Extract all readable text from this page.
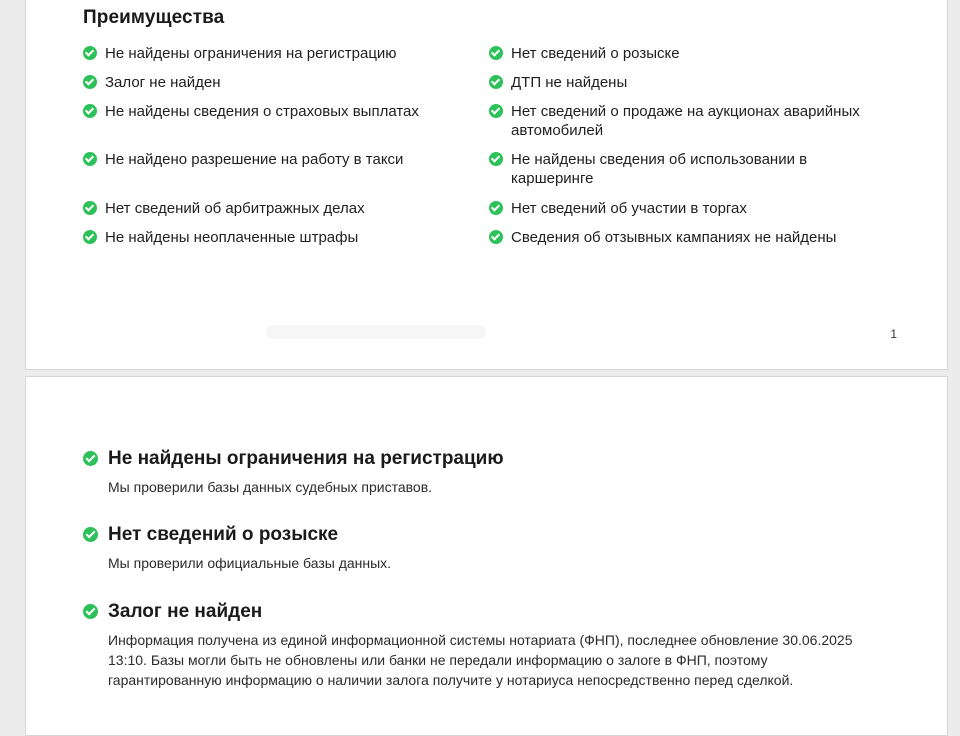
Преимущества
Не найдены ограничения на регистрацию	Нет сведений о розыске
Залог не найден	ДТП не найдены
Не найдены сведения о страховых выплатах	Нет сведений о продаже на аукционах аварийных автомобилей
Не найдено разрешение на работу в такси	Не найдены сведения об использовании в каршеринге
Нет сведений об арбитражных делах	Нет сведений об участии в торгах
Не найдены неоплаченные штрафы	Сведения об отзывных кампаниях не найдены
1
Не найдены ограничения на регистрацию

Мы проверили базы данных судебных приставов.

Нет сведений о розыске

Мы проверили официальные базы данных.

Залог не найден

Информация получена из единой информационной системы нотариата (ФНП), последнее обновление 30.06.2025 13:10. Базы могли быть не обновлены или банки не передали информацию о залоге в ФНП, поэтому гарантированную информацию о наличии залога получите у нотариуса непосредственно перед сделкой.
